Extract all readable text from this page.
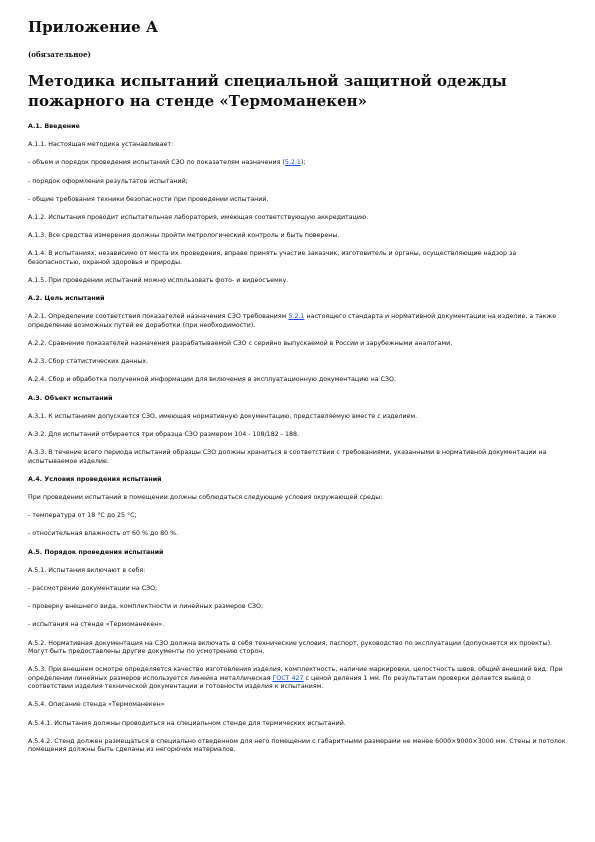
Приложение А
(обязательное)
Методика испытаний специальной защитной одежды пожарного на стенде «Термоманекен»
A.1. Введение
A.1.1. Настоящая методика устанавливает:
- объем и порядок проведения испытаний СЗО по показателям назначения (5.2.1);
- порядок оформления результатов испытаний;
- общие требования техники безопасности при проведении испытаний.
A.1.2. Испытания проводит испытательная лаборатория, имеющая соответствующую аккредитацию.
A.1.3. Все средства измерения должны пройти метрологический контроль и быть поверены.
A.1.4. В испытаниях, независимо от места их проведения, вправе принять участие заказчик, изготовитель и органы, осуществляющие надзор за безопасностью, охраной здоровья и природы.
A.1.5. При проведении испытаний можно использовать фото- и видеосъемку.
A.2. Цель испытаний
A.2.1. Определение соответствия показателей назначения СЗО требованиям 5.2.1 настоящего стандарта и нормативной документации на изделие, а также определение возможных путей ее доработки (при необходимости).
A.2.2. Сравнение показателей назначения разрабатываемой СЗО с серийно выпускаемой в России и зарубежными аналогами.
A.2.3. Сбор статистических данных.
A.2.4. Сбор и обработка полученной информации для включения в эксплуатационную документацию на СЗО.
A.3. Объект испытаний
A.3.1. К испытаниям допускается СЗО, имеющая нормативную документацию, представляемую вместе с изделием.
A.3.2. Для испытаний отбирается три образца СЗО размером 104 - 108/182 - 188.
A.3.3. В течение всего периода испытаний образцы СЗО должны храниться в соответствии с требованиями, указанными в нормативной документации на испытываемое изделие.
A.4. Условия проведения испытаний
При проведении испытаний в помещении должны соблюдаться следующие условия окружающей среды:
- температура от 18 °С до 25 °С;
- относительная влажность от 60 % до 80 %.
A.5. Порядок проведения испытаний
A.5.1. Испытания включают в себя:
- рассмотрение документации на СЗО;
- проверку внешнего вида, комплектности и линейных размеров СЗО;
- испытания на стенде «Термоманекен».
A.5.2. Нормативная документация на СЗО должна включать в себя технические условия, паспорт, руководство по эксплуатации (допускается их проекты). Могут быть предоставлены другие документы по усмотрению сторон.
A.5.3. При внешнем осмотре определяется качество изготовления изделия, комплектность, наличие маркировки, целостность швов, общий внешний вид. При определении линейных размеров используется линейка металлическая ГОСТ 427 с ценой деления 1 мм. По результатам проверки делается вывод о соответствии изделия технической документации и готовности изделия к испытаниям.
A.5.4. Описание стенда «Термоманекен»
A.5.4.1. Испытания должны проводиться на специальном стенде для термических испытаний.
A.5.4.2. Стенд должен размещаться в специально отведенном для него помещении с габаритными размерами не менее 6000×9000×3000 мм. Стены и потолок помещения должны быть сделаны из негорючих материалов.
